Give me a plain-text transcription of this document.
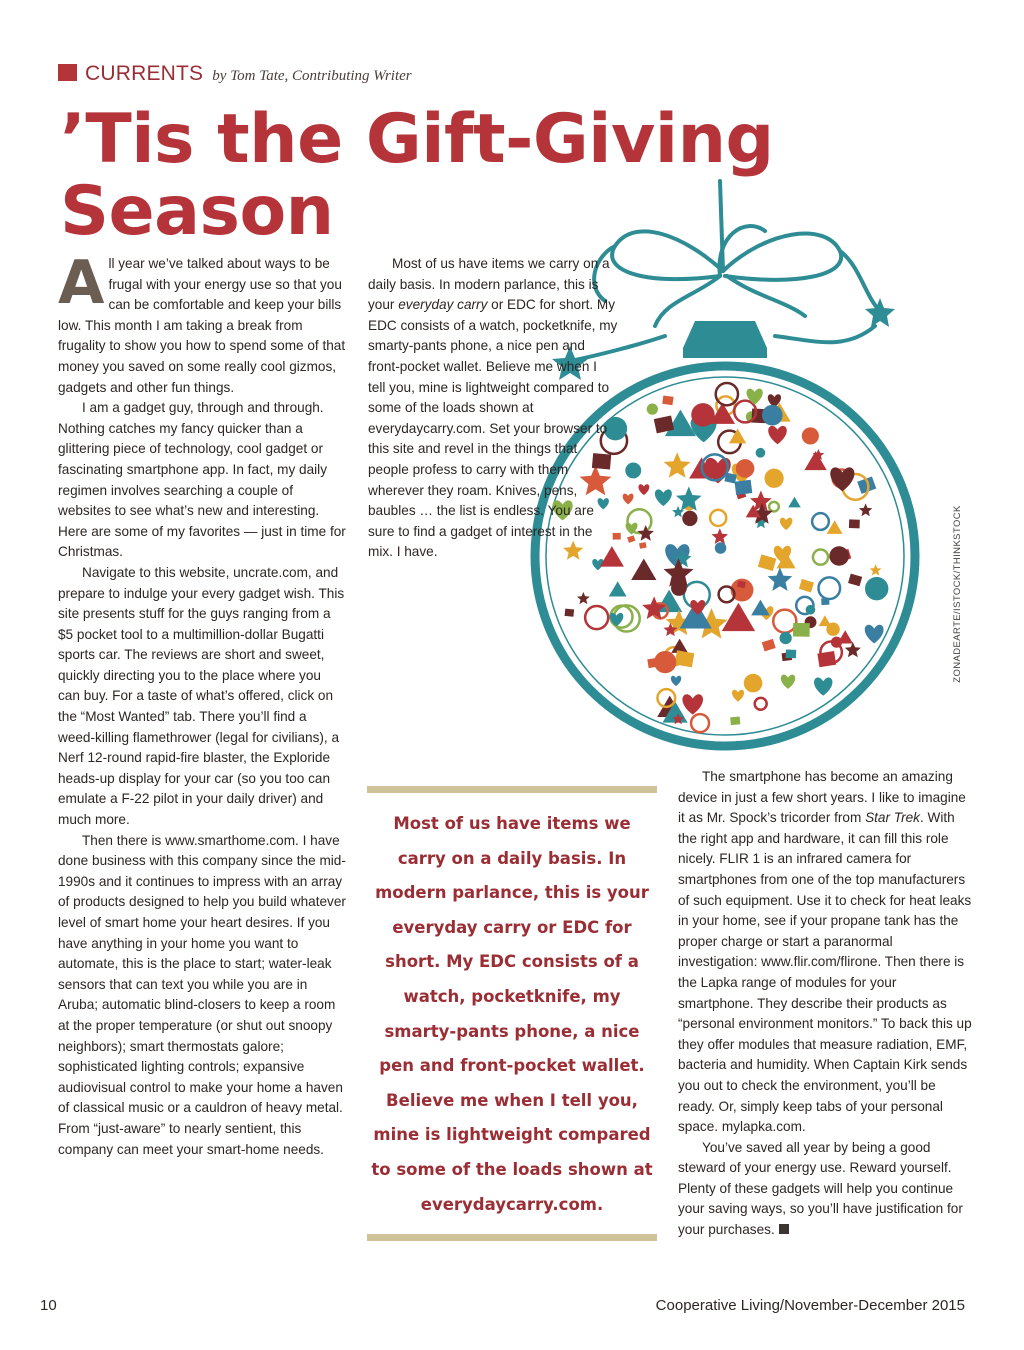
CURRENTS by Tom Tate, Contributing Writer
’Tis the Gift-Giving Season

All year we’ve talked about ways to be frugal with your energy use so that you can be comfortable and keep your bills low. This month I am taking a break from frugality to show you how to spend some of that money you saved on some really cool gizmos, gadgets and other fun things.

I am a gadget guy, through and through. Nothing catches my fancy quicker than a glittering piece of technology, cool gadget or fascinating smartphone app. In fact, my daily regimen involves searching a couple of websites to see what’s new and interesting. Here are some of my favorites — just in time for Christmas.

Navigate to this website, uncrate.com, and prepare to indulge your every gadget wish. This site presents stuff for the guys ranging from a $5 pocket tool to a multimillion-dollar Bugatti sports car. The reviews are short and sweet, quickly directing you to the place where you can buy. For a taste of what’s offered, click on the “Most Wanted” tab. There you’ll find a weed-killing flamethrower (legal for civilians), a Nerf 12-round rapid-fire blaster, the Exploride heads-up display for your car (so you too can emulate a F-22 pilot in your daily driver) and much more.

Then there is www.smarthome.com. I have done business with this company since the mid-1990s and it continues to impress with an array of products designed to help you build whatever level of smart home your heart desires. If you have anything in your home you want to automate, this is the place to start; water-leak sensors that can text you while you are in Aruba; automatic blind-closers to keep a room at the proper temperature (or shut out snoopy neighbors); smart thermostats galore; sophisticated lighting controls; expansive audiovisual control to make your home a haven of classical music or a cauldron of heavy metal. From “just-aware” to nearly sentient, this company can meet your smart-home needs.

Most of us have items we carry on a daily basis. In modern parlance, this is your everyday carry or EDC for short. My EDC consists of a watch, pocketknife, my smarty-pants phone, a nice pen and front-pocket wallet. Believe me when I tell you, mine is lightweight compared to some of the loads shown at everydaycarry.com. Set your browser to this site and revel in the things that people profess to carry with them wherever they roam. Knives, pens, baubles … the list is endless. You are sure to find a gadget of interest in the mix. I have.

Most of us have items we carry on a daily basis. In modern parlance, this is your everyday carry or EDC for short. My EDC consists of a watch, pocketknife, my smarty-pants phone, a nice pen and front-pocket wallet. Believe me when I tell you, mine is lightweight compared to some of the loads shown at everydaycarry.com.

The smartphone has become an amazing device in just a few short years. I like to imagine it as Mr. Spock’s tricorder from Star Trek. With the right app and hardware, it can fill this role nicely. FLIR 1 is an infrared camera for smartphones from one of the top manufacturers of such equipment. Use it to check for heat leaks in your home, see if your propane tank has the proper charge or start a paranormal investigation: www.flir.com/flirone. Then there is the Lapka range of modules for your smartphone. They describe their products as “personal environment monitors.” To back this up they offer modules that measure radiation, EMF, bacteria and humidity. When Captain Kirk sends you out to check the environment, you’ll be ready. Or, simply keep tabs of your personal space. mylapka.com.

You’ve saved all year by being a good steward of your energy use. Reward yourself. Plenty of these gadgets will help you continue your saving ways, so you’ll have justification for your purchases.

ZONADEARTE/ISTOCK/THINKSTOCK
10	Cooperative Living/November-December 2015
